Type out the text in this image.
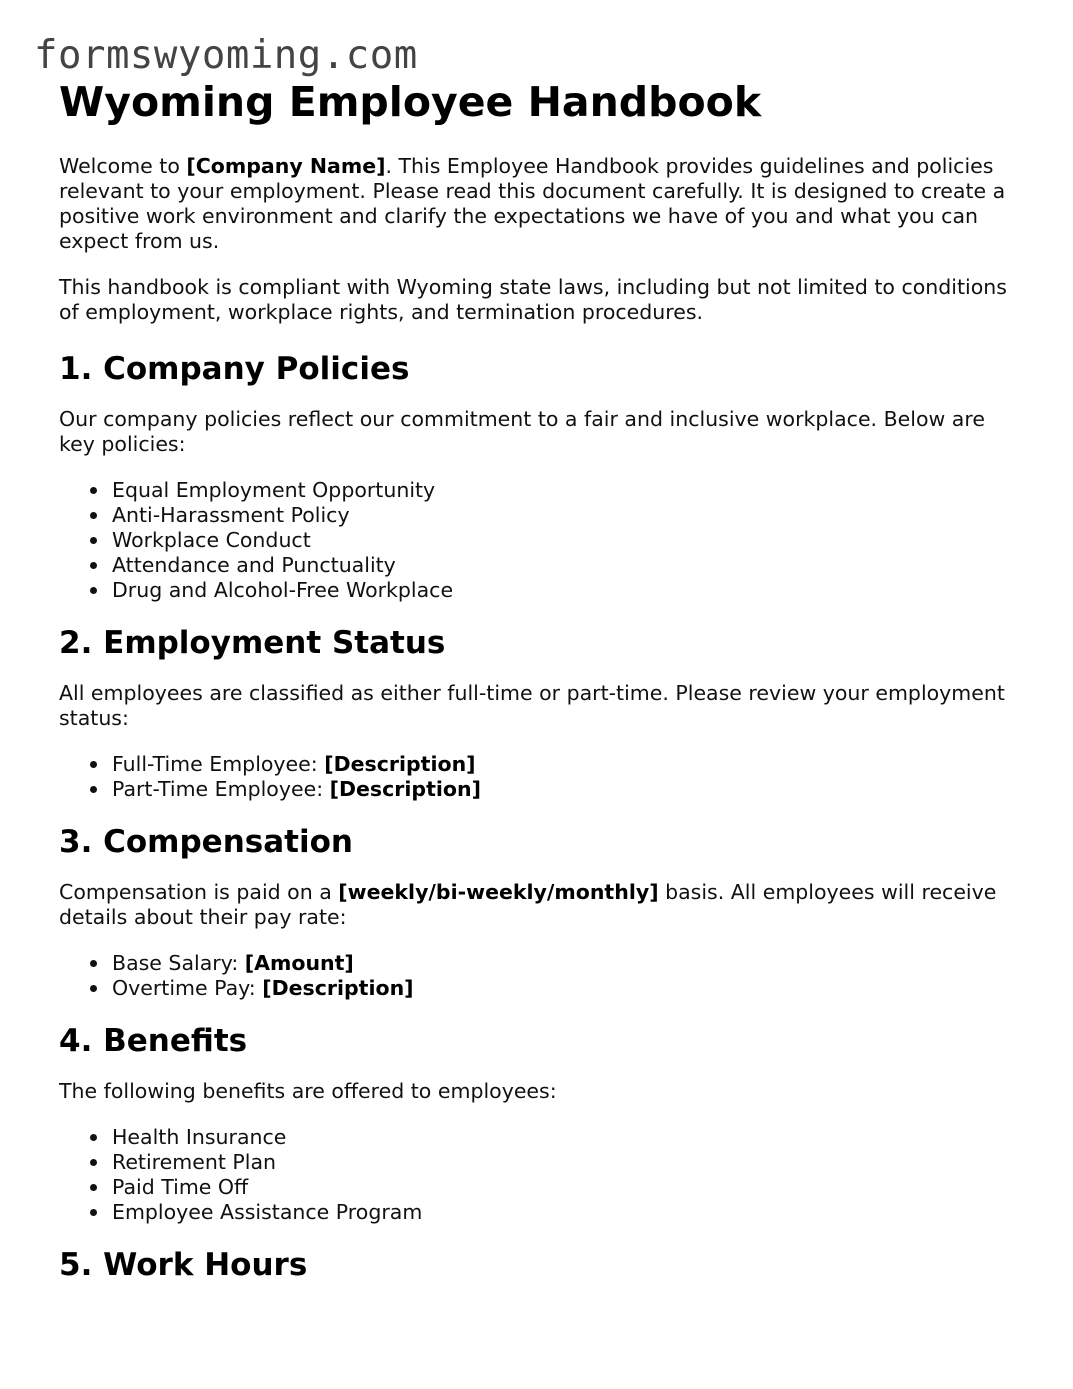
formswyoming.com
Wyoming Employee Handbook

Welcome to [Company Name]. This Employee Handbook provides guidelines and policies relevant to your employment. Please read this document carefully. It is designed to create a positive work environment and clarify the expectations we have of you and what you can expect from us.

This handbook is compliant with Wyoming state laws, including but not limited to conditions of employment, workplace rights, and termination procedures.

1. Company Policies

Our company policies reflect our commitment to a fair and inclusive workplace. Below are key policies:

Equal Employment Opportunity
Anti-Harassment Policy
Workplace Conduct
Attendance and Punctuality
Drug and Alcohol-Free Workplace
2. Employment Status

All employees are classified as either full-time or part-time. Please review your employment status:

Full-Time Employee: [Description]
Part-Time Employee: [Description]
3. Compensation

Compensation is paid on a [weekly/bi-weekly/monthly] basis. All employees will receive details about their pay rate:

Base Salary: [Amount]
Overtime Pay: [Description]
4. Benefits

The following benefits are offered to employees:

Health Insurance
Retirement Plan
Paid Time Off
Employee Assistance Program
5. Work Hours
